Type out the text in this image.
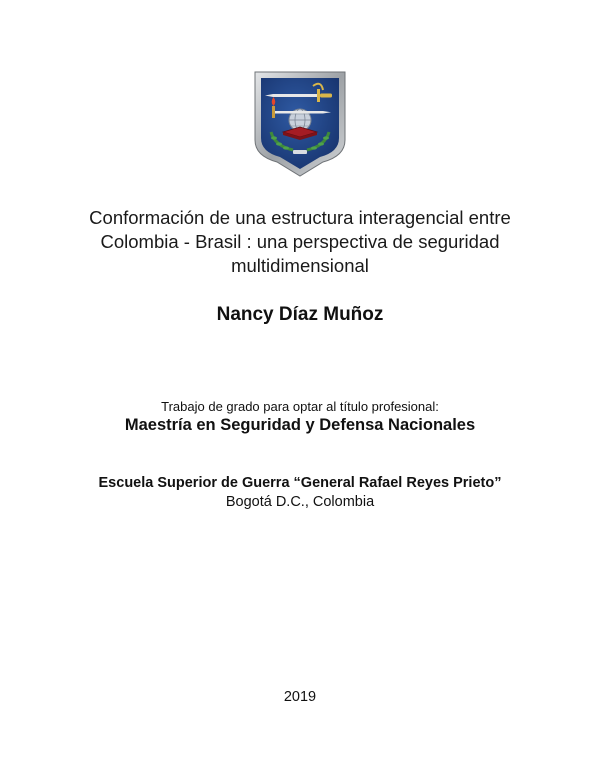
Conformación de una estructura interagencial entre
Colombia - Brasil : una perspectiva de seguridad
multidimensional
Nancy Díaz Muñoz
Trabajo de grado para optar al título profesional:
Maestría en Seguridad y Defensa Nacionales
Escuela Superior de Guerra “General Rafael Reyes Prieto”
Bogotá D.C., Colombia
2019
